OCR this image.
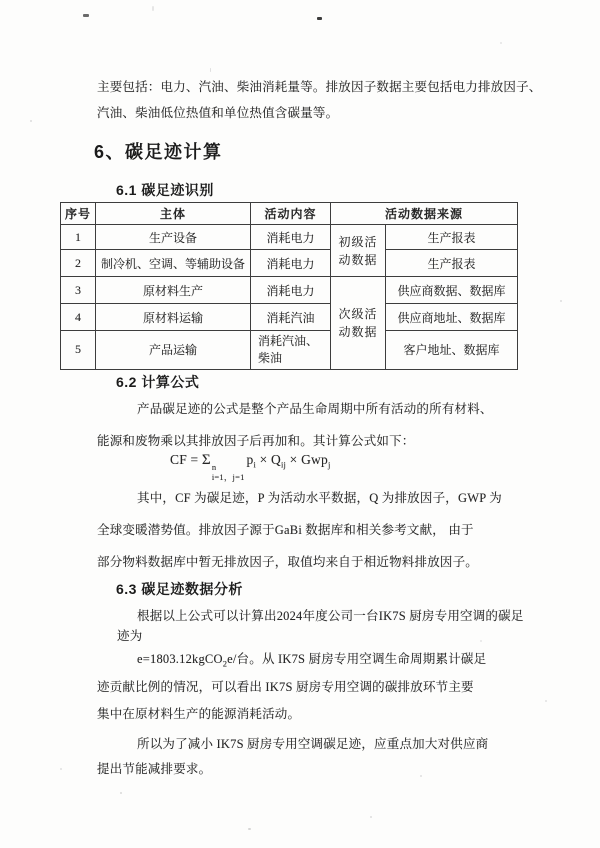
主要包括：电力、汽油、柴油消耗量等。排放因子数据主要包括电力排放因子、
汽油、柴油低位热值和单位热值含碳量等。
6、碳足迹计算
6.1 碳足迹识别
序号	主体	活动内容	活动数据来源	
1	生产设备	消耗电力	初级活动数据	生产报表
2	制冷机、空调、等辅助设备	消耗电力		生产报表
3	原材料生产	消耗电力	次级活动数据	供应商数据、数据库
4	原材料运输	消耗汽油		供应商地址、数据库
5	产品运输	消耗汽油、柴油		客户地址、数据库
6.2 计算公式
产品碳足迹的公式是整个产品生命周期中所有活动的所有材料、
能源和废物乘以其排放因子后再加和。其计算公式如下：
CF = Σ n
i=1，j=1
$p_i \times Q_{ij} \times Gwp_j$
其中，CF 为碳足迹，P 为活动水平数据，Q 为排放因子，GWP 为
全球变暖潜势值。排放因子源于GaBi 数据库和相关参考文献， 由于
部分物料数据库中暂无排放因子，取值均来自于相近物料排放因子。
6.3 碳足迹数据分析
根据以上公式可以计算出2024年度公司一台IK7S 厨房专用空调的碳足
迹为
e=1803.12kgCO$_2$e/台。从 IK7S 厨房专用空调生命周期累计碳足
迹贡献比例的情况，可以看出 IK7S 厨房专用空调的碳排放环节主要
集中在原材料生产的能源消耗活动。
所以为了减小 IK7S 厨房专用空调碳足迹，应重点加大对供应商
提出节能减排要求。
